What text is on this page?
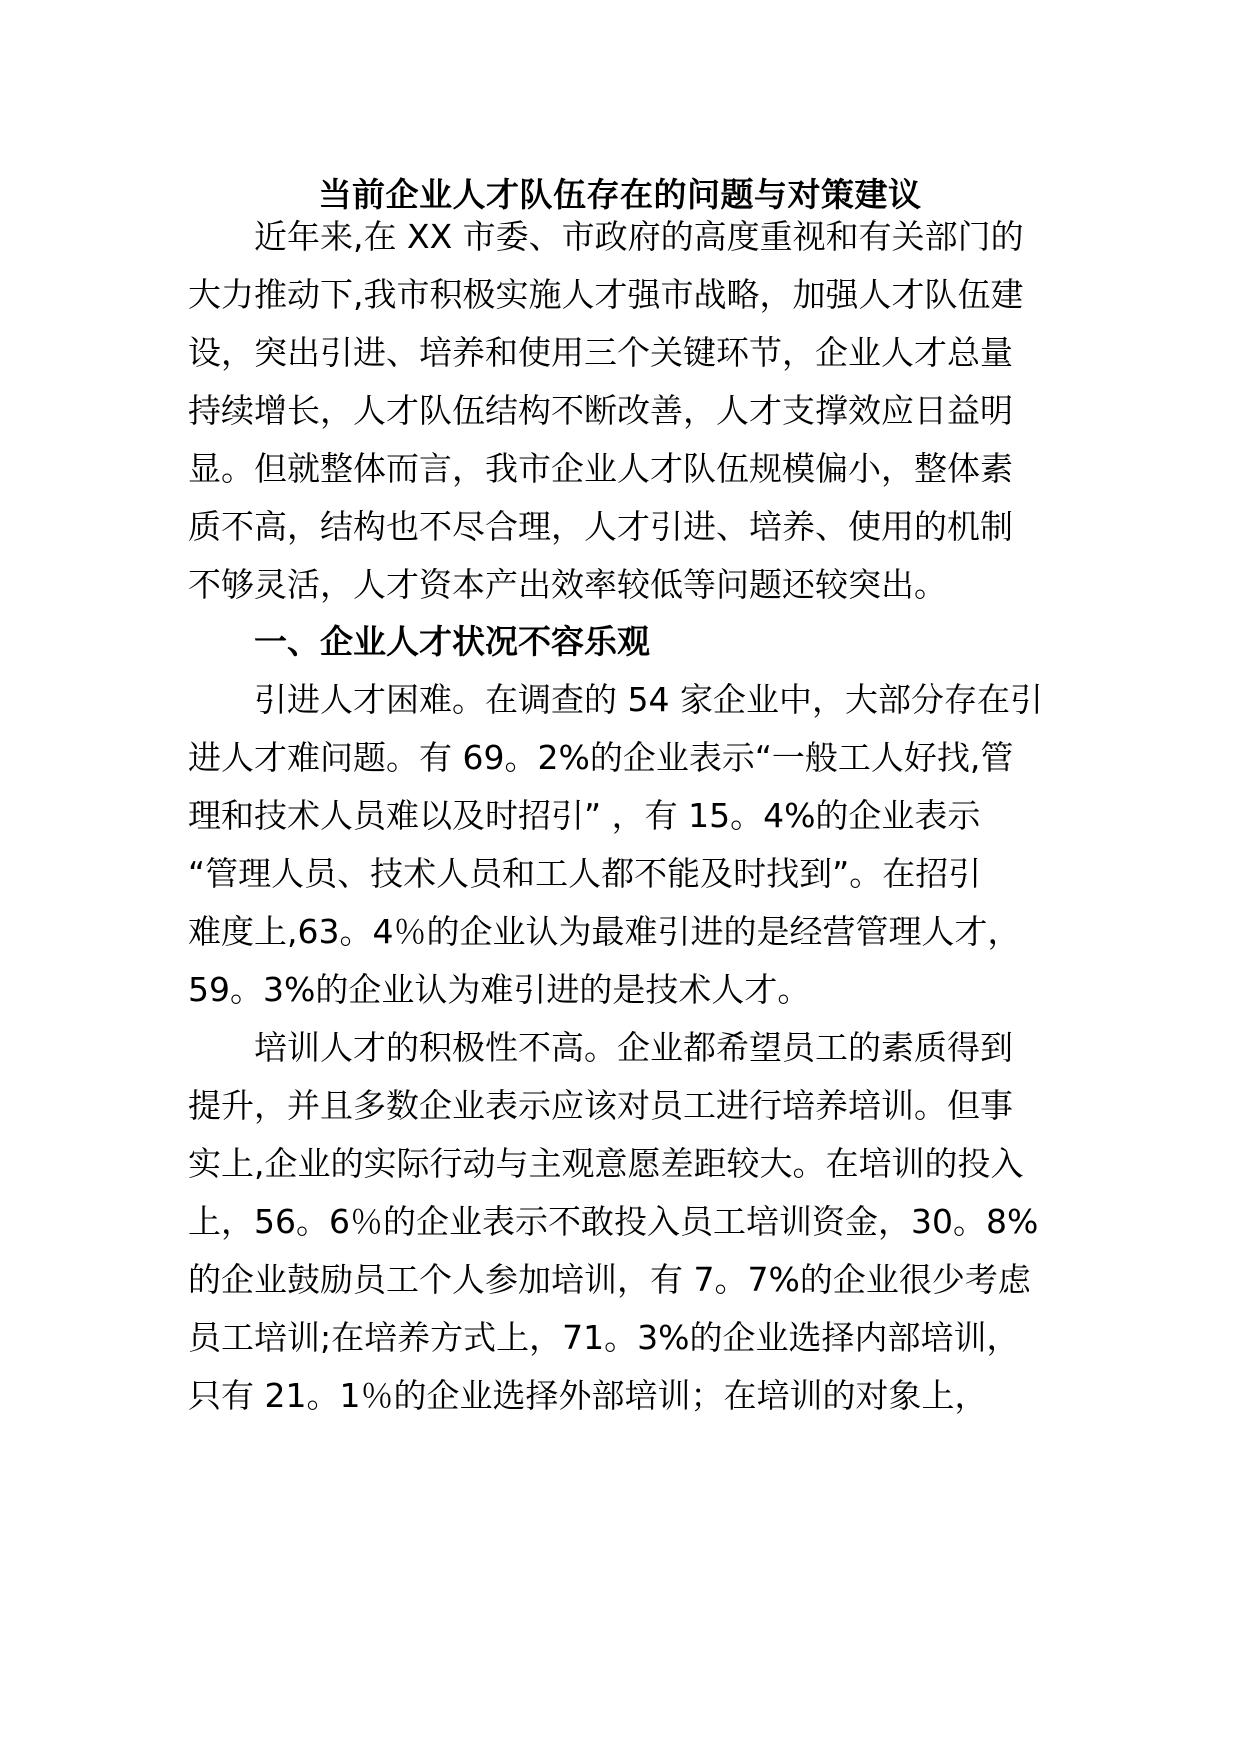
当前企业人才队伍存在的问题与对策建议
近年来,在 XX 市委、市政府的高度重视和有关部门的
大力推动下,我市积极实施人才强市战略，加强人才队伍建
设，突出引进、培养和使用三个关键环节，企业人才总量
持续增长，人才队伍结构不断改善，人才支撑效应日益明
显。但就整体而言，我市企业人才队伍规模偏小，整体素
质不高，结构也不尽合理，人才引进、培养、使用的机制
不够灵活，人才资本产出效率较低等问题还较突出。
一、企业人才状况不容乐观
引进人才困难。在调查的 54 家企业中，大部分存在引
进人才难问题。有 69。2%的企业表示“一般工人好找,管
理和技术人员难以及时招引” ，有 15。4%的企业表示
“管理人员、技术人员和工人都不能及时找到”。在招引
难度上,63。4％的企业认为最难引进的是经营管理人才，
59。3%的企业认为难引进的是技术人才。
培训人才的积极性不高。企业都希望员工的素质得到
提升，并且多数企业表示应该对员工进行培养培训。但事
实上,企业的实际行动与主观意愿差距较大。在培训的投入
上，56。6％的企业表示不敢投入员工培训资金，30。8%
的企业鼓励员工个人参加培训，有 7。7%的企业很少考虑
员工培训;在培养方式上，71。3%的企业选择内部培训，
只有 21。1％的企业选择外部培训；在培训的对象上，
